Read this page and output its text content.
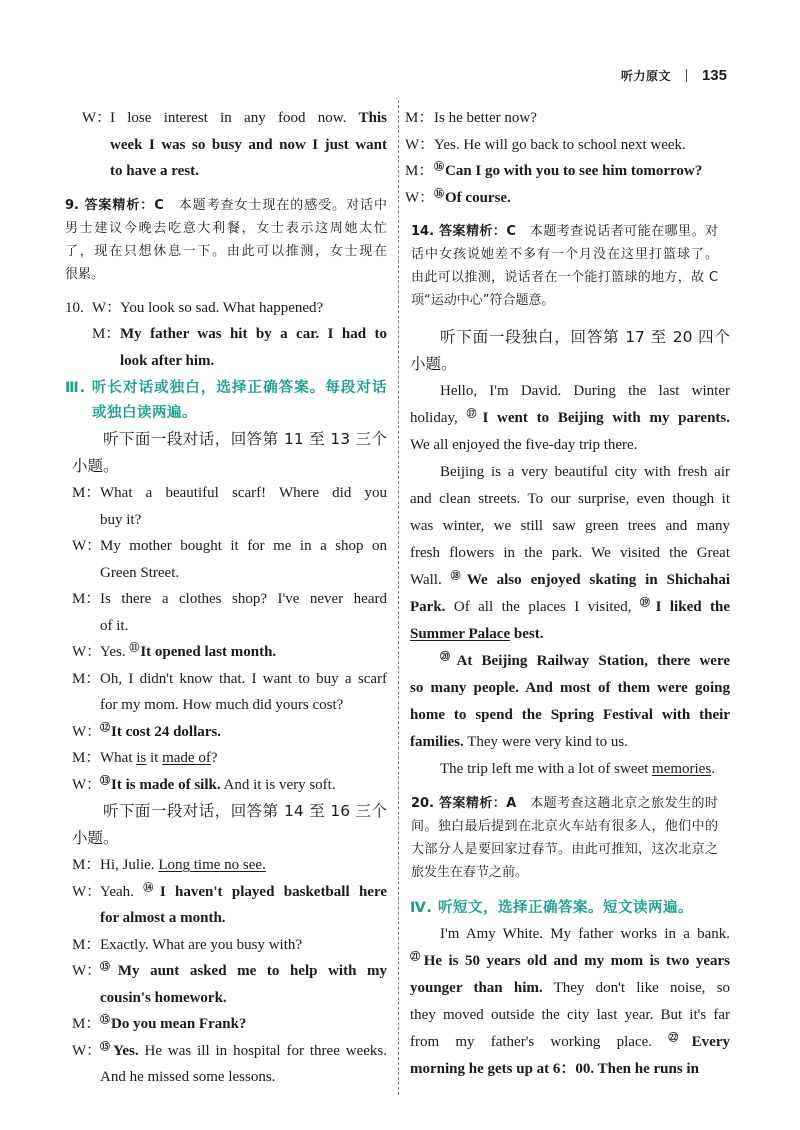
听力原文 135
W：
I lose interest in any food now. This
week I was so busy and now I just want
to have a rest.
9. 答案精析：C　本题考查女士现在的感受。对话中
男士建议今晚去吃意大利餐，女士表示这周她太忙
了，现在只想休息一下。由此可以推测，女士现在
很累。
10. W：
You look so sad. What happened?
M： My father was hit by a car. I had to
look after him.
Ⅲ. 听长对话或独白，选择正确答案。每段对话
或独白读两遍。
听下面一段对话，回答第 11 至 13 三个
小题。
M： What a beautiful scarf! Where did you
buy it?
W：
My mother bought it for me in a shop on
Green Street.
M： Is there a clothes shop? I've never heard
of it.
W：
Yes. ⑪It opened last month.
M： Oh, I didn't know that. I want to buy a scarf
for my mom. How much did yours cost?
W：
⑫It cost 24 dollars.
M： What is it made of?
W：
⑬It is made of silk. And it is very soft.
听下面一段对话，回答第 14 至 16 三个
小题。
M： Hi, Julie. Long time no see.
W：
Yeah. ⑭I haven't played basketball here
for almost a month.
M： Exactly. What are you busy with?
W：
⑮My aunt asked me to help with my
cousin's homework.
M： ⑮Do you mean Frank?
W：
⑮Yes. He was ill in hospital for three weeks.
And he missed some lessons.
M： Is he better now?
W： Yes. He will go back to school next week.
M： ⑯Can I go with you to see him tomorrow?
W： ⑯Of course.
14. 答案精析：C　本题考查说话者可能在哪里。对
话中女孩说她差不多有一个月没在这里打篮球了。
由此可以推测，说话者在一个能打篮球的地方，故 C
项“运动中心”符合题意。
听下面一段独白，回答第 17 至 20 四个
小题。
Hello, I'm David. During the last winter
holiday, ⑰I went to Beijing with my parents.
We all enjoyed the five-day trip there.
Beijing is a very beautiful city with fresh air
and clean streets. To our surprise, even though it
was winter, we still saw green trees and many
fresh flowers in the park. We visited the Great
Wall. ⑱We also enjoyed skating in Shichahai
Park. Of all the places I visited, ⑲I liked the
Summer Palace best.
⑳At Beijing Railway Station, there were
so many people. And most of them were going
home to spend the Spring Festival with their
families. They were very kind to us.
The trip left me with a lot of sweet memories.
20. 答案精析：A　本题考查这趟北京之旅发生的时
间。独白最后提到在北京火车站有很多人，他们中的
大部分人是要回家过春节。由此可推知，这次北京之
旅发生在春节之前。
Ⅳ. 听短文，选择正确答案。短文读两遍。
I'm Amy White. My father works in a bank.
$^㉑$He is 50 years old and my mom is two years
younger than him. They don't like noise, so
they moved outside the city last year. But it's far
from my father's working place. $^㉒$Every
morning he gets up at 6：00. Then he runs in
